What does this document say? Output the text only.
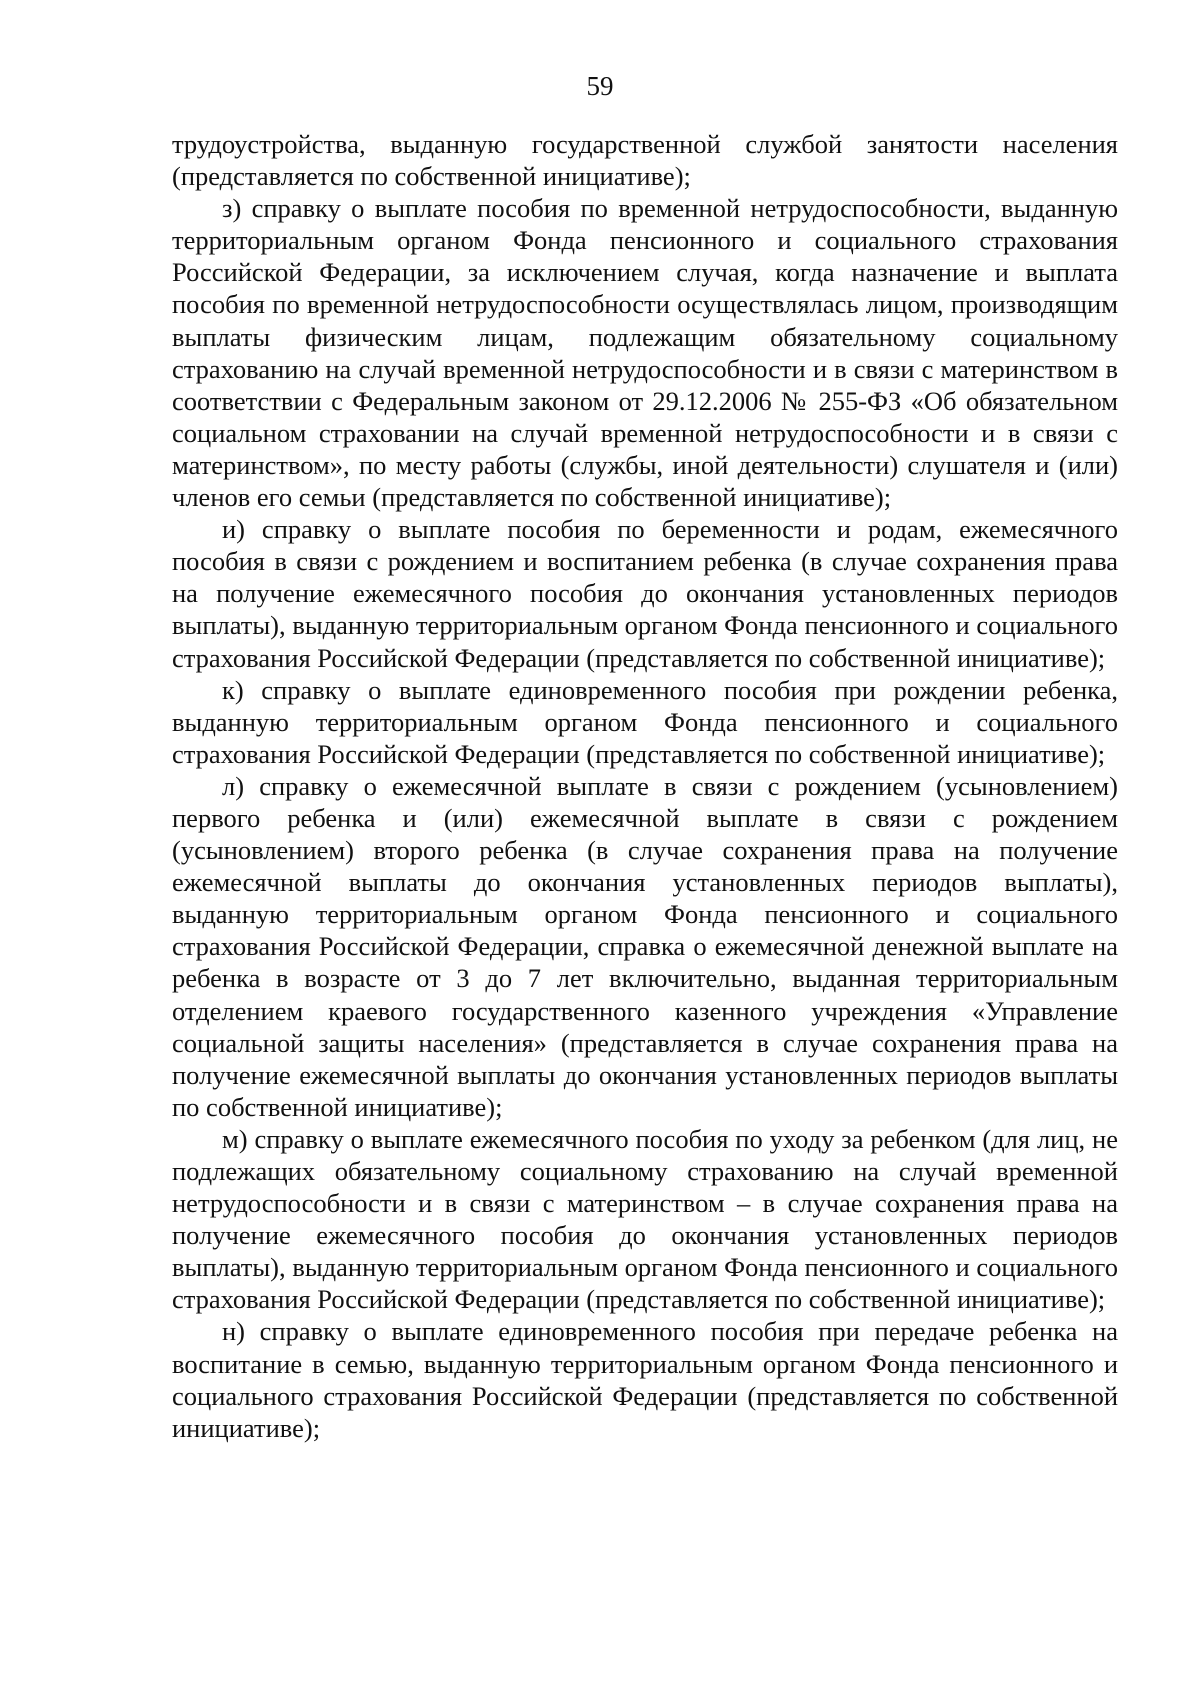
59

трудоустройства, выданную государственной службой занятости населения (представляется по собственной инициативе);

з) справку о выплате пособия по временной нетрудоспособности, выданную территориальным органом Фонда пенсионного и социального страхования Российской Федерации, за исключением случая, когда назначение и выплата пособия по временной нетрудоспособности осуществлялась лицом, производящим выплаты физическим лицам, подлежащим обязательному социальному страхованию на случай временной нетрудоспособности и в связи с материнством в соответствии с Федеральным законом от 29.12.2006 № 255-ФЗ «Об обязательном социальном страховании на случай временной нетрудоспособности и в связи с материнством», по месту работы (службы, иной деятельности) слушателя и (или) членов его семьи (представляется по собственной инициативе);

и) справку о выплате пособия по беременности и родам, ежемесячного пособия в связи с рождением и воспитанием ребенка (в случае сохранения права на получение ежемесячного пособия до окончания установленных периодов выплаты), выданную территориальным органом Фонда пенсионного и социального страхования Российской Федерации (представляется по собственной инициативе);

к) справку о выплате единовременного пособия при рождении ребенка, выданную территориальным органом Фонда пенсионного и социального страхования Российской Федерации (представляется по собственной инициативе);

л) справку о ежемесячной выплате в связи с рождением (усыновлением) первого ребенка и (или) ежемесячной выплате в связи с рождением (усыновлением) второго ребенка (в случае сохранения права на получение ежемесячной выплаты до окончания установленных периодов выплаты), выданную территориальным органом Фонда пенсионного и социального страхования Российской Федерации, справка о ежемесячной денежной выплате на ребенка в возрасте от 3 до 7 лет включительно, выданная территориальным отделением краевого государственного казенного учреждения «Управление социальной защиты населения» (представляется в случае сохранения права на получение ежемесячной выплаты до окончания установленных периодов выплаты по собственной инициативе);

м) справку о выплате ежемесячного пособия по уходу за ребенком (для лиц, не подлежащих обязательному социальному страхованию на случай временной нетрудоспособности и в связи с материнством – в случае сохранения права на получение ежемесячного пособия до окончания установленных периодов выплаты), выданную территориальным органом Фонда пенсионного и социального страхования Российской Федерации (представляется по собственной инициативе);

н) справку о выплате единовременного пособия при передаче ребенка на воспитание в семью, выданную территориальным органом Фонда пенсионного и социального страхования Российской Федерации (представляется по собственной инициативе);
